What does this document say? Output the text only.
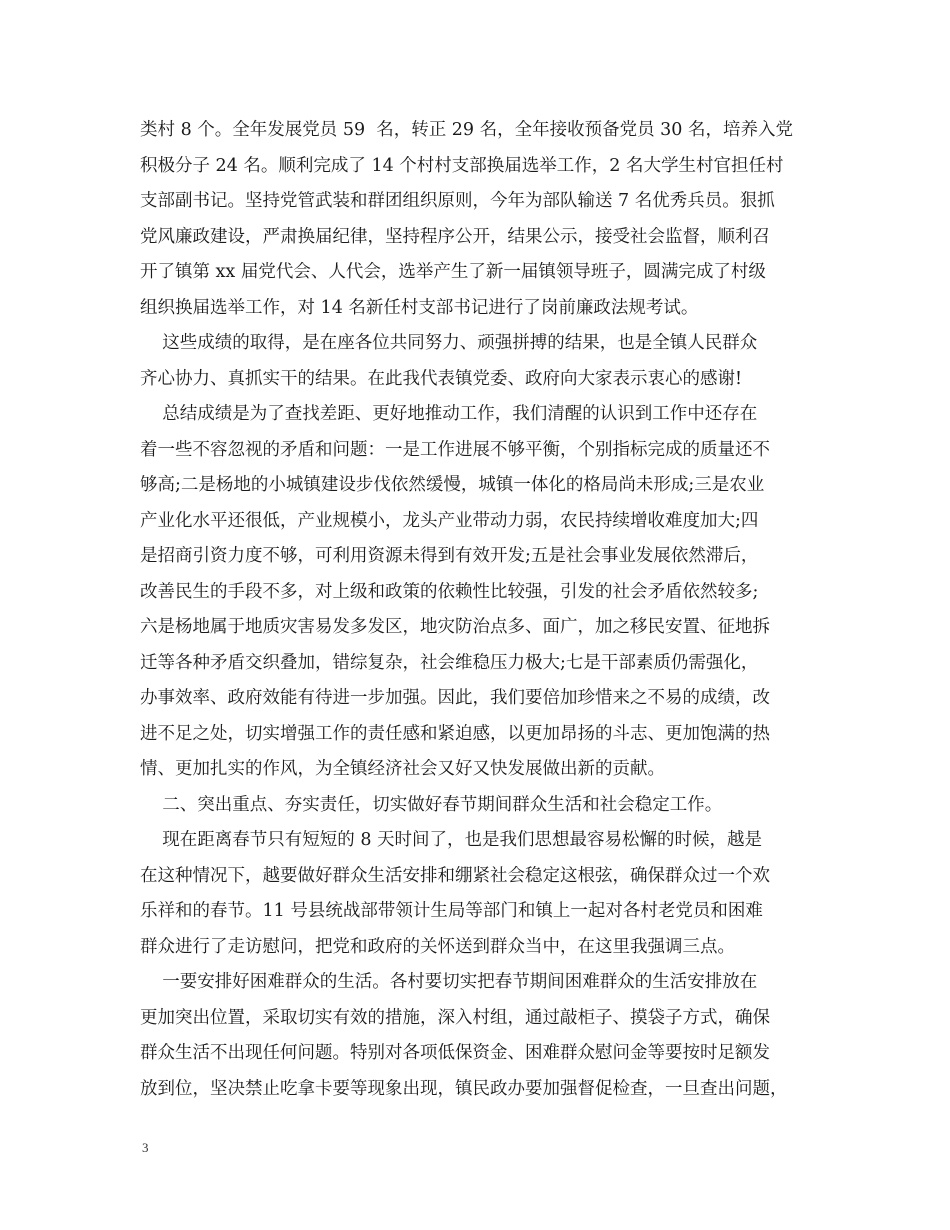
类村 8 个。全年发展党员 59  名，转正 29 名，全年接收预备党员 30 名，培养入党
积极分子 24 名。顺利完成了 14 个村村支部换届选举工作，2 名大学生村官担任村
支部副书记。坚持党管武装和群团组织原则，今年为部队输送 7 名优秀兵员。狠抓
党风廉政建设，严肃换届纪律，坚持程序公开，结果公示，接受社会监督，顺利召
开了镇第 xx 届党代会、人代会，选举产生了新一届镇领导班子，圆满完成了村级
组织换届选举工作，对 14 名新任村支部书记进行了岗前廉政法规考试。
这些成绩的取得，是在座各位共同努力、顽强拼搏的结果，也是全镇人民群众
齐心协力、真抓实干的结果。在此我代表镇党委、政府向大家表示衷心的感谢!
总结成绩是为了查找差距、更好地推动工作，我们清醒的认识到工作中还存在
着一些不容忽视的矛盾和问题：一是工作进展不够平衡，个别指标完成的质量还不
够高;二是杨地的小城镇建设步伐依然缓慢，城镇一体化的格局尚未形成;三是农业
产业化水平还很低，产业规模小，龙头产业带动力弱，农民持续增收难度加大;四
是招商引资力度不够，可利用资源未得到有效开发;五是社会事业发展依然滞后，
改善民生的手段不多，对上级和政策的依赖性比较强，引发的社会矛盾依然较多;
六是杨地属于地质灾害易发多发区，地灾防治点多、面广，加之移民安置、征地拆
迁等各种矛盾交织叠加，错综复杂，社会维稳压力极大;七是干部素质仍需强化，
办事效率、政府效能有待进一步加强。因此，我们要倍加珍惜来之不易的成绩，改
进不足之处，切实增强工作的责任感和紧迫感，以更加昂扬的斗志、更加饱满的热
情、更加扎实的作风，为全镇经济社会又好又快发展做出新的贡献。
二、突出重点、夯实责任，切实做好春节期间群众生活和社会稳定工作。
现在距离春节只有短短的 8 天时间了，也是我们思想最容易松懈的时候，越是
在这种情况下，越要做好群众生活安排和绷紧社会稳定这根弦，确保群众过一个欢
乐祥和的春节。11 号县统战部带领计生局等部门和镇上一起对各村老党员和困难
群众进行了走访慰问，把党和政府的关怀送到群众当中，在这里我强调三点。
一要安排好困难群众的生活。各村要切实把春节期间困难群众的生活安排放在
更加突出位置，采取切实有效的措施，深入村组，通过敲柜子、摸袋子方式，确保
群众生活不出现任何问题。特别对各项低保资金、困难群众慰问金等要按时足额发
放到位，坚决禁止吃拿卡要等现象出现，镇民政办要加强督促检查，一旦查出问题，
3
